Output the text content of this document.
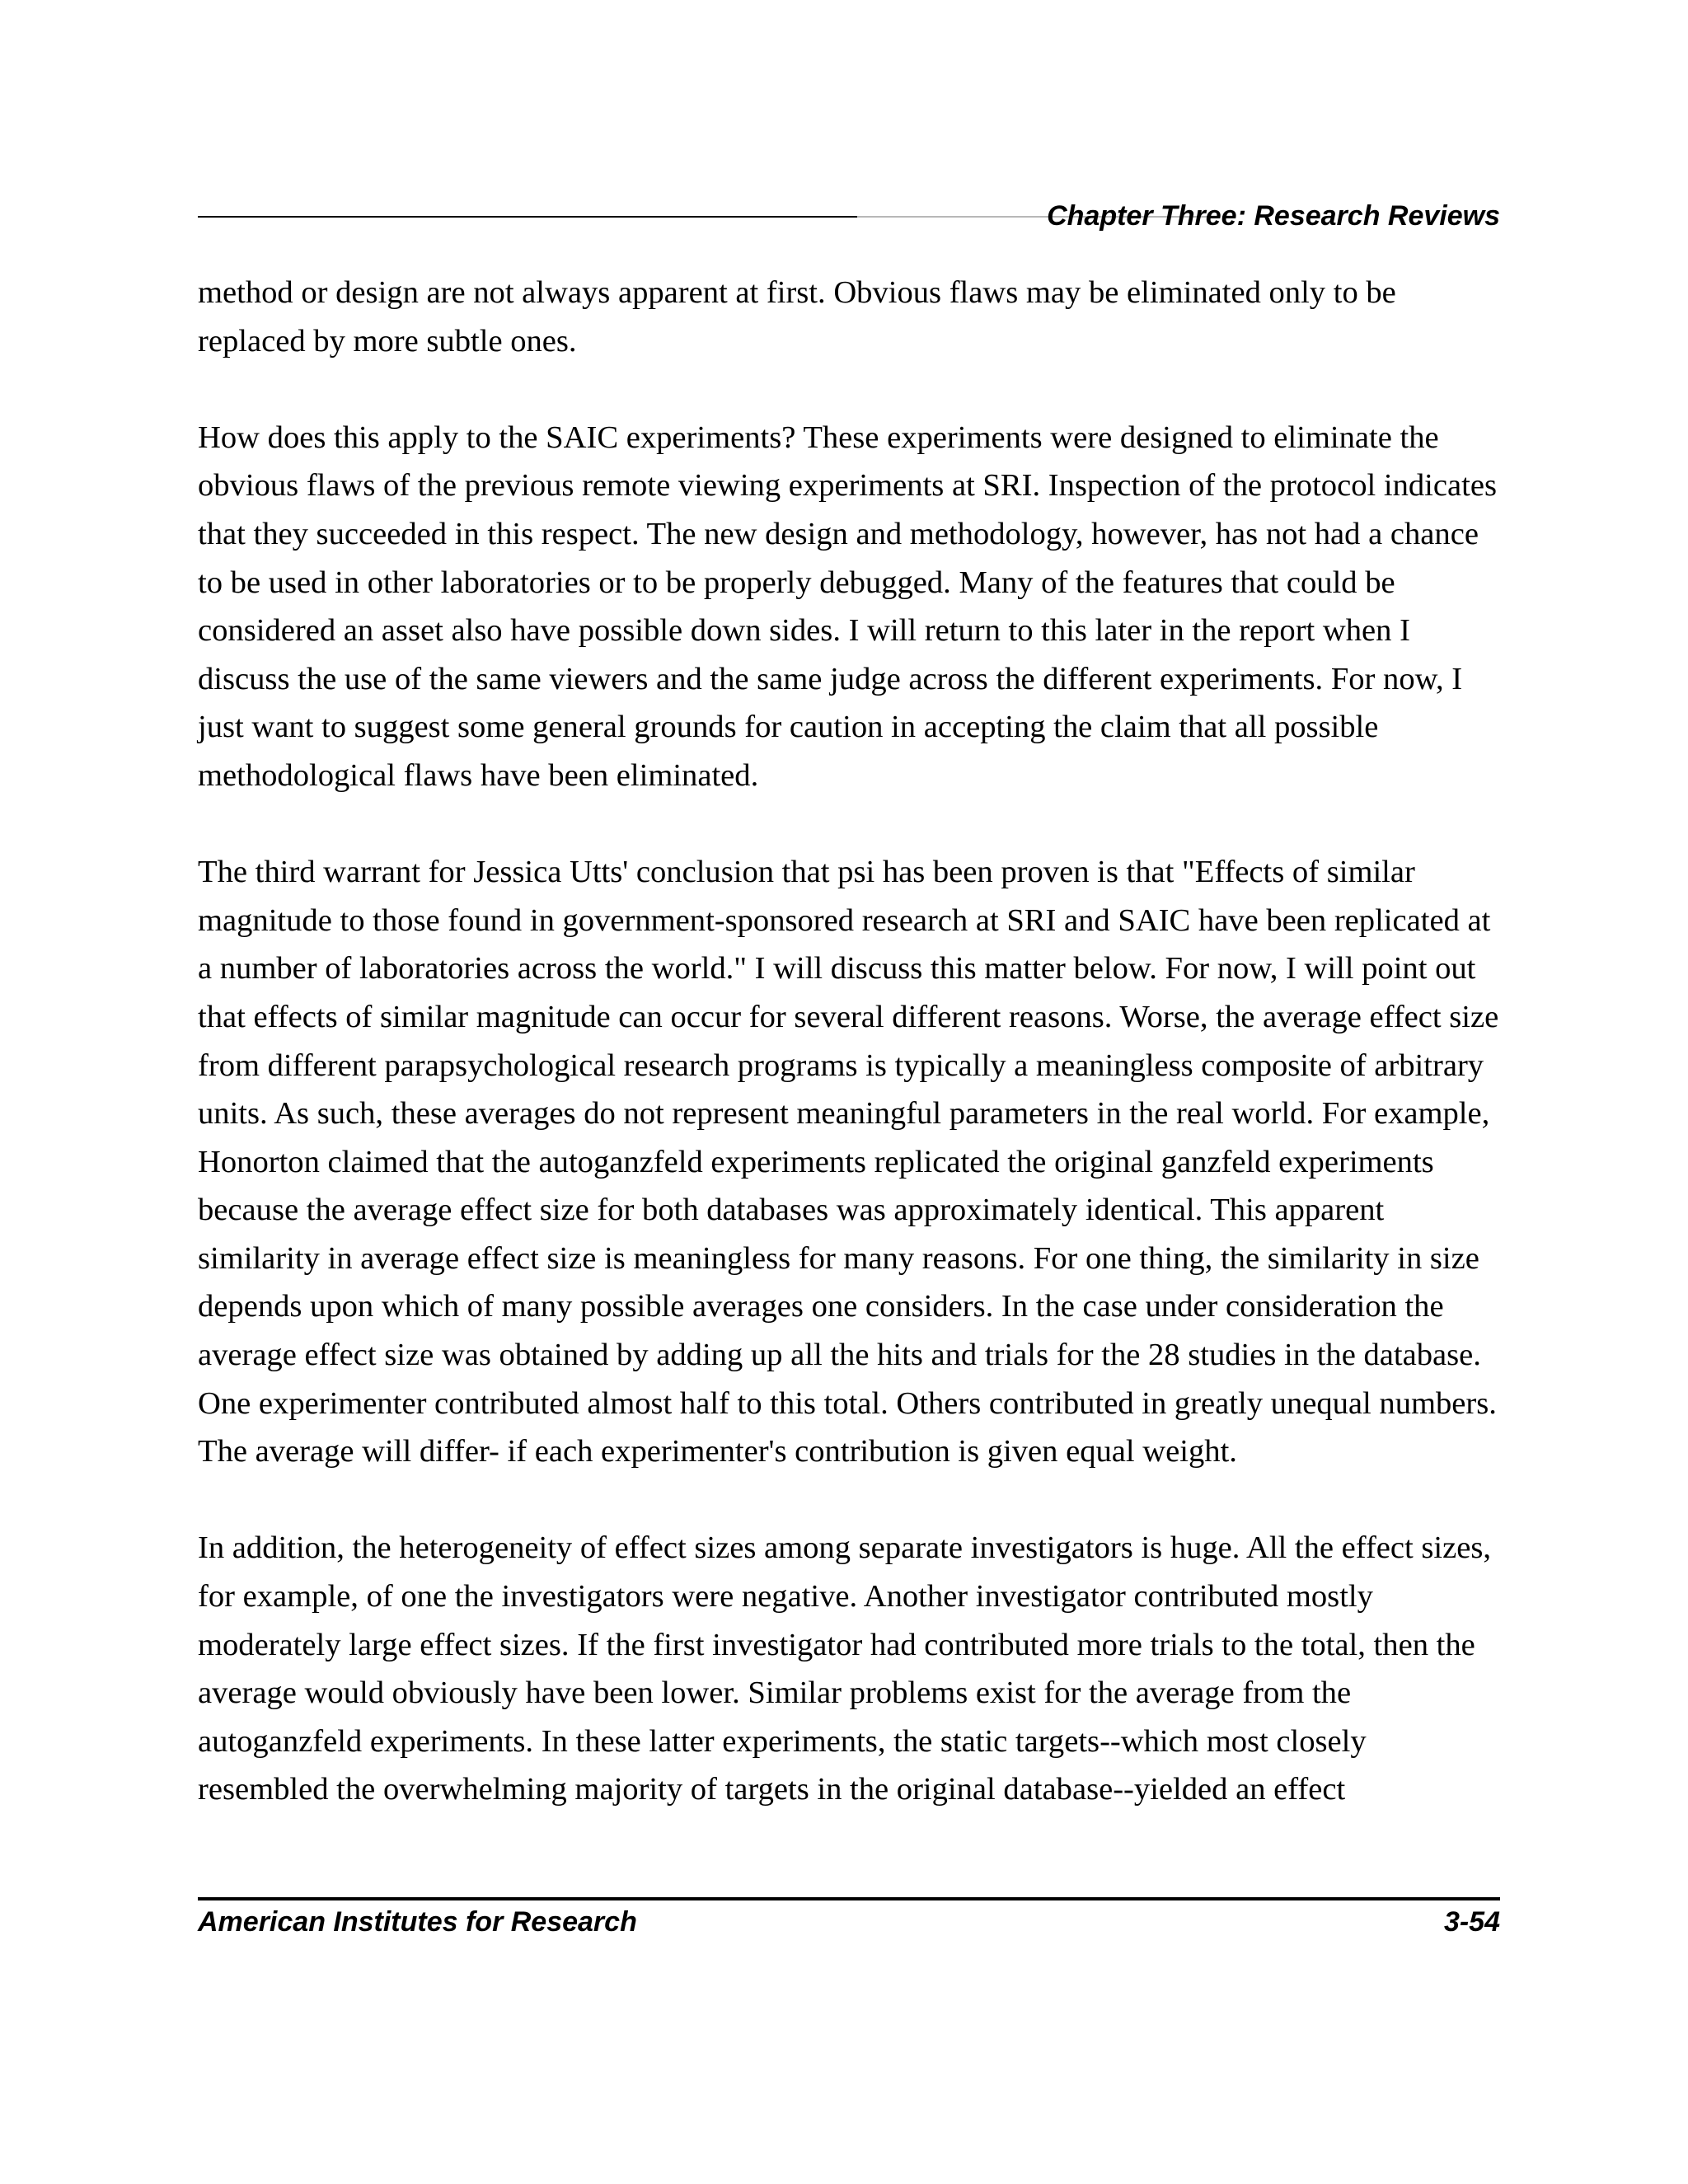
Chapter Three: Research Reviews

method or design are not always apparent at first. Obvious flaws may be eliminated only to be replaced by more subtle ones.

How does this apply to the SAIC experiments? These experiments were designed to eliminate the obvious flaws of the previous remote viewing experiments at SRI. Inspection of the protocol indicates that they succeeded in this respect. The new design and methodology, however, has not had a chance to be used in other laboratories or to be properly debugged. Many of the features that could be considered an asset also have possible down sides. I will return to this later in the report when I discuss the use of the same viewers and the same judge across the different experiments. For now, I just want to suggest some general grounds for caution in accepting the claim that all possible methodological flaws have been eliminated.

The third warrant for Jessica Utts' conclusion that psi has been proven is that "Effects of similar magnitude to those found in government-sponsored research at SRI and SAIC have been replicated at a number of laboratories across the world." I will discuss this matter below. For now, I will point out that effects of similar magnitude can occur for several different reasons. Worse, the average effect size from different parapsychological research programs is typically a meaningless composite of arbitrary units. As such, these averages do not represent meaningful parameters in the real world. For example, Honorton claimed that the autoganzfeld experiments replicated the original ganzfeld experiments because the average effect size for both databases was approximately identical. This apparent similarity in average effect size is meaningless for many reasons. For one thing, the similarity in size depends upon which of many possible averages one considers. In the case under consideration the average effect size was obtained by adding up all the hits and trials for the 28 studies in the database. One experimenter contributed almost half to this total. Others contributed in greatly unequal numbers. The average will differ- if each experimenter's contribution is given equal weight.

In addition, the heterogeneity of effect sizes among separate investigators is huge. All the effect sizes, for example, of one the investigators were negative. Another investigator contributed mostly moderately large effect sizes. If the first investigator had contributed more trials to the total, then the average would obviously have been lower. Similar problems exist for the average from the autoganzfeld experiments. In these latter experiments, the static targets--which most closely resembled the overwhelming majority of targets in the original database--yielded an effect

American Institutes for Research	3-54
